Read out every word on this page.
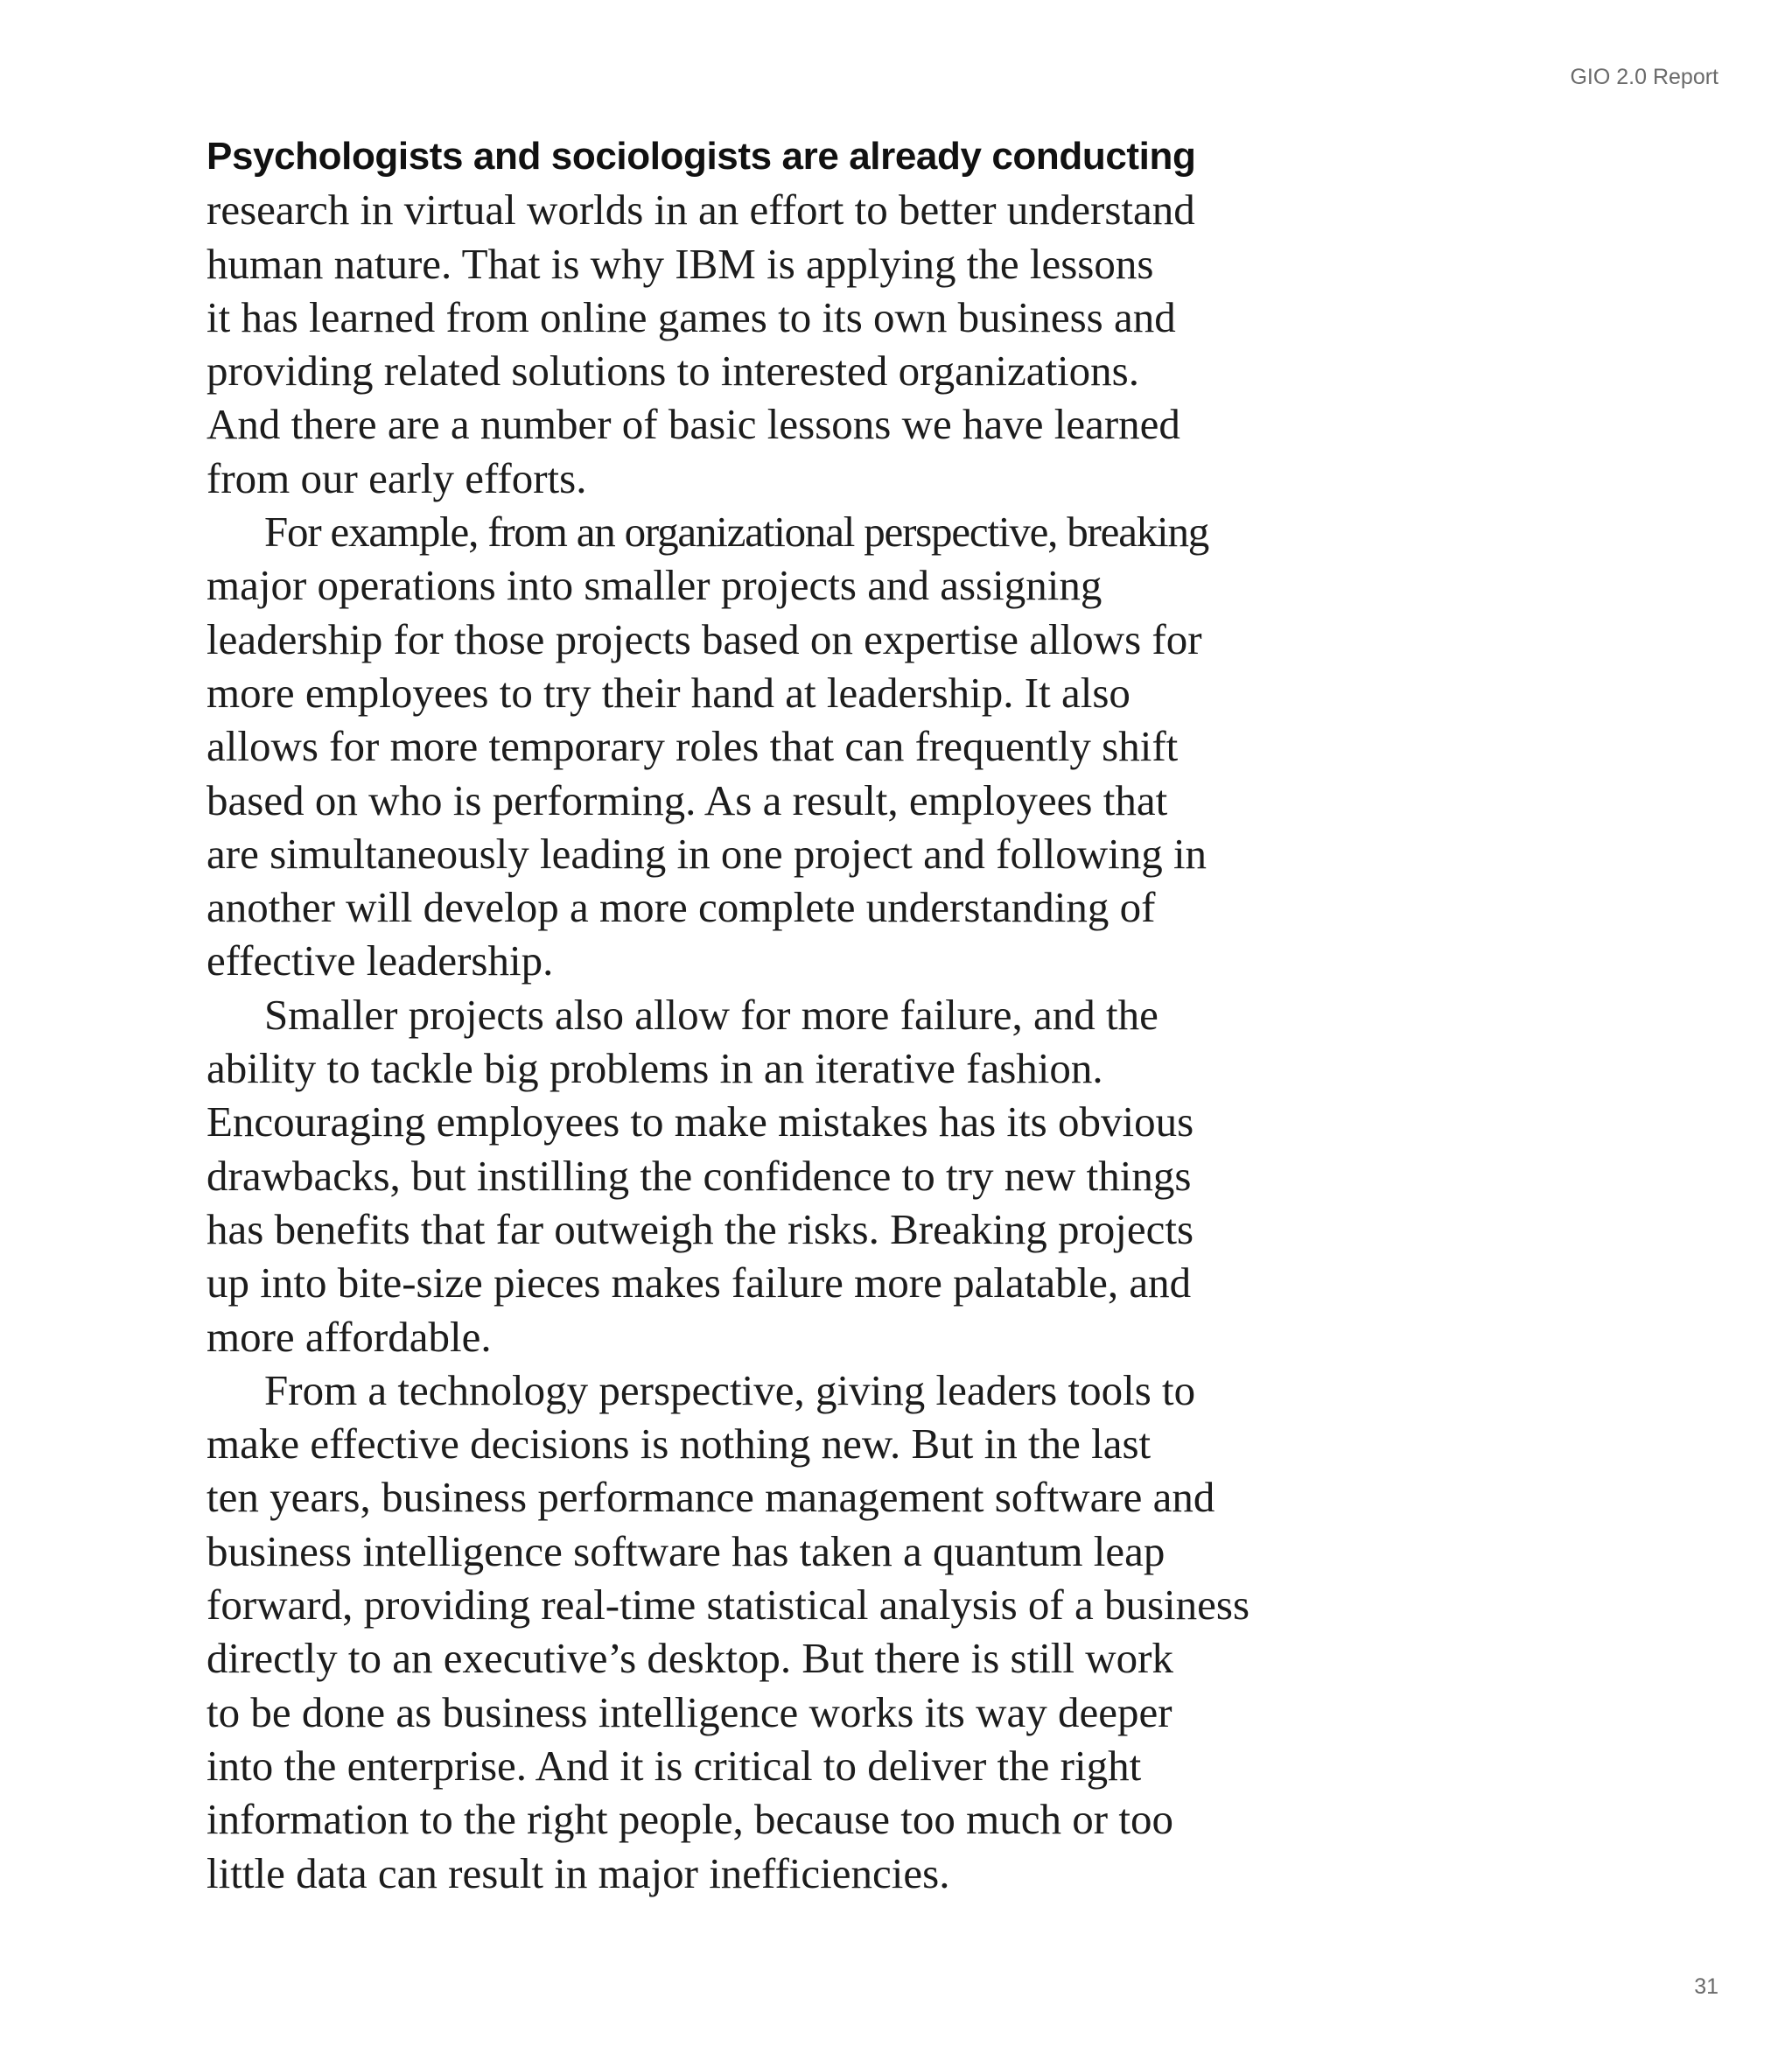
GIO 2.0 Report
Psychologists and sociologists are already conducting
research in virtual worlds in an effort to better understand
human nature. That is why IBM is applying the lessons
it has learned from online games to its own business and
providing related solutions to interested organizations.
And there are a number of basic lessons we have learned
from our early efforts.
For example, from an organizational perspective, breaking
major operations into smaller projects and assigning
leadership for those projects based on expertise allows for
more employees to try their hand at leadership. It also
allows for more temporary roles that can frequently shift
based on who is performing. As a result, employees that
are simultaneously leading in one project and following in
another will develop a more complete understanding of
effective leadership.
Smaller projects also allow for more failure, and the
ability to tackle big problems in an iterative fashion.
Encouraging employees to make mistakes has its obvious
drawbacks, but instilling the confidence to try new things
has benefits that far outweigh the risks. Breaking projects
up into bite-size pieces makes failure more palatable, and
more affordable.
From a technology perspective, giving leaders tools to
make effective decisions is nothing new. But in the last
ten years, business performance management software and
business intelligence software has taken a quantum leap
forward, providing real-time statistical analysis of a business
directly to an executive’s desktop. But there is still work
to be done as business intelligence works its way deeper
into the enterprise. And it is critical to deliver the right
information to the right people, because too much or too
little data can result in major inefficiencies.
31
